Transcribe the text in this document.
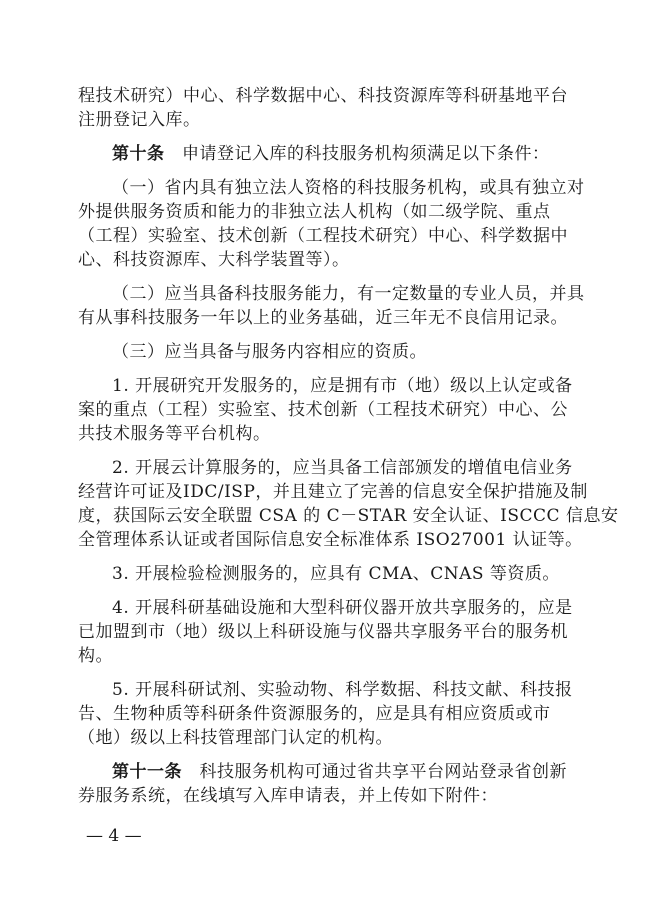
程技术研究）中心、科学数据中心、科技资源库等科研基地平台
注册登记入库。
第十条　 申请登记入库的科技服务机构须满足以下条件：
（一）省内具有独立法人资格的科技服务机构，或具有独立对
外提供服务资质和能力的非独立法人机构（如二级学院、重点
（工程）实验室、技术创新（工程技术研究）中心、科学数据中
心、科技资源库、大科学装置等）。
（二）应当具备科技服务能力，有一定数量的专业人员，并具
有从事科技服务一年以上的业务基础，近三年无不良信用记录。
（三）应当具备与服务内容相应的资质。
1. 开展研究开发服务的，应是拥有市（地）级以上认定或备
案的重点（工程）实验室、技术创新（工程技术研究）中心、公
共技术服务等平台机构。
2. 开展云计算服务的，应当具备工信部颁发的增值电信业务
经营许可证及IDC/ISP，并且建立了完善的信息安全保护措施及制
度，获国际云安全联盟 CSA 的 C－STAR 安全认证、ISCCC 信息安
全管理体系认证或者国际信息安全标准体系 ISO27001 认证等。
3. 开展检验检测服务的，应具有 CMA、CNAS 等资质。
4. 开展科研基础设施和大型科研仪器开放共享服务的，应是
已加盟到市（地）级以上科研设施与仪器共享服务平台的服务机
构。
5. 开展科研试剂、实验动物、科学数据、科技文献、科技报
告、生物种质等科研条件资源服务的，应是具有相应资质或市
（地）级以上科技管理部门认定的机构。
第十一条　 科技服务机构可通过省共享平台网站登录省创新
券服务系统，在线填写入库申请表，并上传如下附件：
— 4 —
